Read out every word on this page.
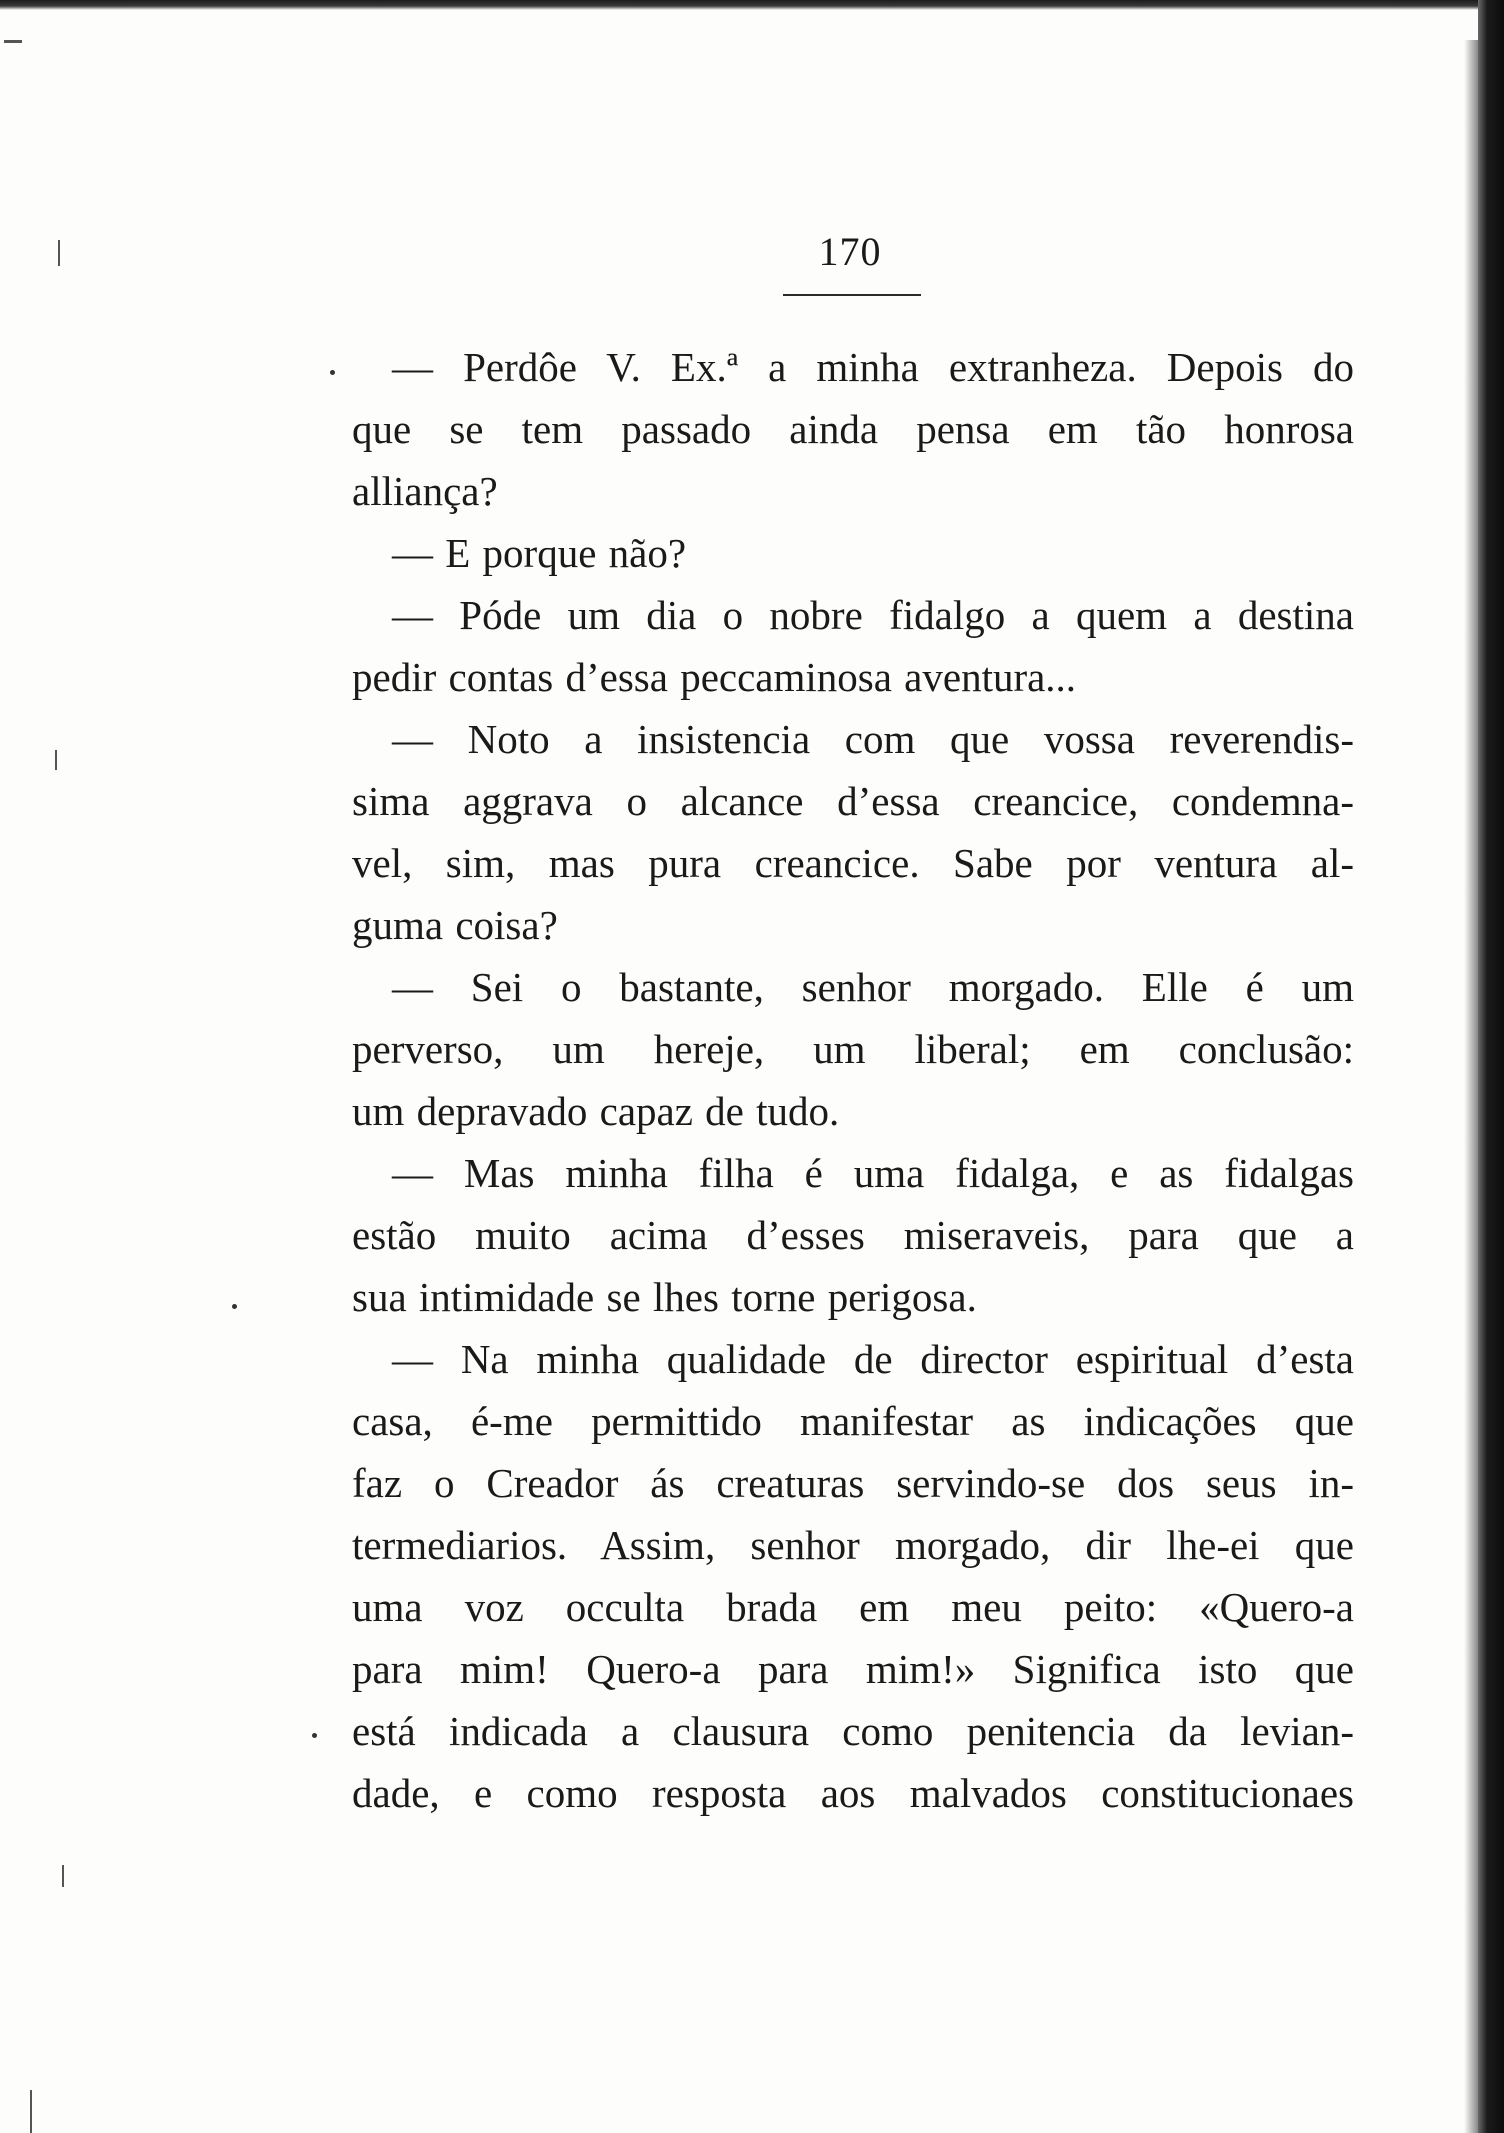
170
— Perdôe V. Ex.ª a minha extranheza. Depois do
que se tem passado ainda pensa em tão honrosa
alliança?
— E porque não?
— Póde um dia o nobre fidalgo a quem a destina
pedir contas d’essa peccaminosa aventura...
— Noto a insistencia com que vossa reverendis-
sima aggrava o alcance d’essa creancice, condemna-
vel, sim, mas pura creancice. Sabe por ventura al-
guma coisa?
— Sei o bastante, senhor morgado. Elle é um
perverso, um hereje, um liberal; em conclusão:
um depravado capaz de tudo.
— Mas minha filha é uma fidalga, e as fidalgas
estão muito acima d’esses miseraveis, para que a
sua intimidade se lhes torne perigosa.
— Na minha qualidade de director espiritual d’esta
casa, é-me permittido manifestar as indicações que
faz o Creador ás creaturas servindo-se dos seus in-
termediarios. Assim, senhor morgado, dir lhe-ei que
uma voz occulta brada em meu peito: «Quero-a
para mim! Quero-a para mim!» Significa isto que
está indicada a clausura como penitencia da levian-
dade, e como resposta aos malvados constitucionaes
